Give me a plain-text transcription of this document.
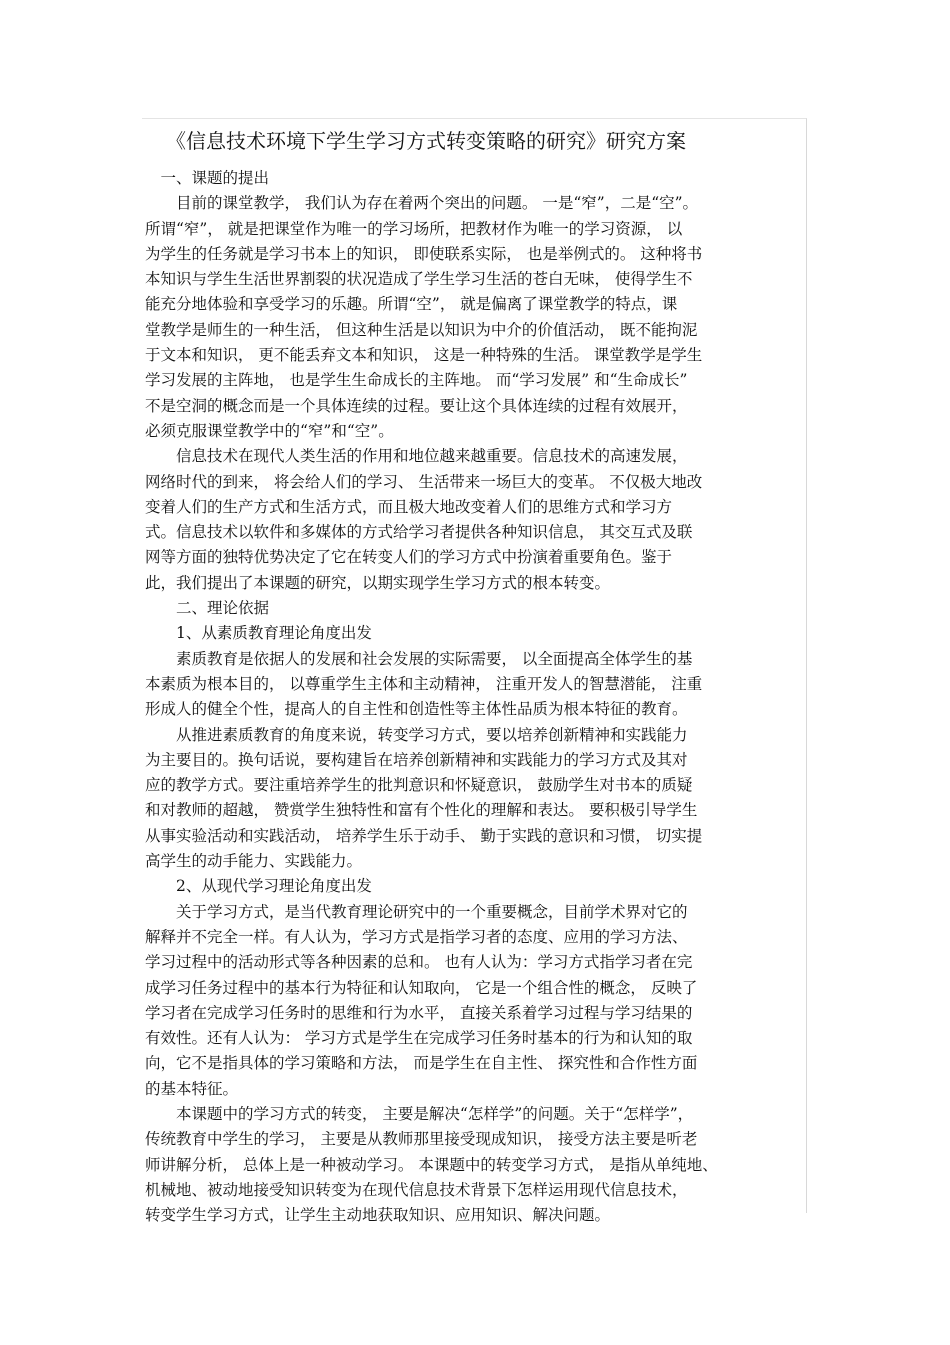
《信息技术环境下学生学习方式转变策略的研究》研究方案
　一、课题的提出
　　目前的课堂教学， 我们认为存在着两个突出的问题。 一是“窄”，二是“空”。
所谓“窄”， 就是把课堂作为唯一的学习场所，把教材作为唯一的学习资源， 以
为学生的任务就是学习书本上的知识， 即使联系实际， 也是举例式的。 这种将书
本知识与学生生活世界割裂的状况造成了学生学习生活的苍白无味， 使得学生不
能充分地体验和享受学习的乐趣。所谓“空”， 就是偏离了课堂教学的特点，课
堂教学是师生的一种生活， 但这种生活是以知识为中介的价值活动， 既不能拘泥
于文本和知识， 更不能丢弃文本和知识， 这是一种特殊的生活。 课堂教学是学生
学习发展的主阵地， 也是学生生命成长的主阵地。 而“学习发展” 和“生命成长”
不是空洞的概念而是一个具体连续的过程。要让这个具体连续的过程有效展开，
必须克服课堂教学中的“窄”和“空”。
　　信息技术在现代人类生活的作用和地位越来越重要。信息技术的高速发展，
网络时代的到来， 将会给人们的学习、 生活带来一场巨大的变革。 不仅极大地改
变着人们的生产方式和生活方式，而且极大地改变着人们的思维方式和学习方
式。信息技术以软件和多媒体的方式给学习者提供各种知识信息， 其交互式及联
网等方面的独特优势决定了它在转变人们的学习方式中扮演着重要角色。鉴于
此，我们提出了本课题的研究，以期实现学生学习方式的根本转变。
　　二、理论依据
　　1、从素质教育理论角度出发
　　素质教育是依据人的发展和社会发展的实际需要， 以全面提高全体学生的基
本素质为根本目的， 以尊重学生主体和主动精神， 注重开发人的智慧潜能， 注重
形成人的健全个性，提高人的自主性和创造性等主体性品质为根本特征的教育。
　　从推进素质教育的角度来说，转变学习方式，要以培养创新精神和实践能力
为主要目的。换句话说，要构建旨在培养创新精神和实践能力的学习方式及其对
应的教学方式。要注重培养学生的批判意识和怀疑意识， 鼓励学生对书本的质疑
和对教师的超越， 赞赏学生独特性和富有个性化的理解和表达。 要积极引导学生
从事实验活动和实践活动， 培养学生乐于动手、 勤于实践的意识和习惯， 切实提
高学生的动手能力、实践能力。
　　2、从现代学习理论角度出发
　　关于学习方式，是当代教育理论研究中的一个重要概念，目前学术界对它的
解释并不完全一样。有人认为，学习方式是指学习者的态度、应用的学习方法、
学习过程中的活动形式等各种因素的总和。 也有人认为：学习方式指学习者在完
成学习任务过程中的基本行为特征和认知取向， 它是一个组合性的概念， 反映了
学习者在完成学习任务时的思维和行为水平， 直接关系着学习过程与学习结果的
有效性。还有人认为： 学习方式是学生在完成学习任务时基本的行为和认知的取
向，它不是指具体的学习策略和方法， 而是学生在自主性、 探究性和合作性方面
的基本特征。
　　本课题中的学习方式的转变， 主要是解决“怎样学”的问题。关于“怎样学”，
传统教育中学生的学习， 主要是从教师那里接受现成知识， 接受方法主要是听老
师讲解分析， 总体上是一种被动学习。 本课题中的转变学习方式， 是指从单纯地、
机械地、被动地接受知识转变为在现代信息技术背景下怎样运用现代信息技术，
转变学生学习方式，让学生主动地获取知识、应用知识、解决问题。
